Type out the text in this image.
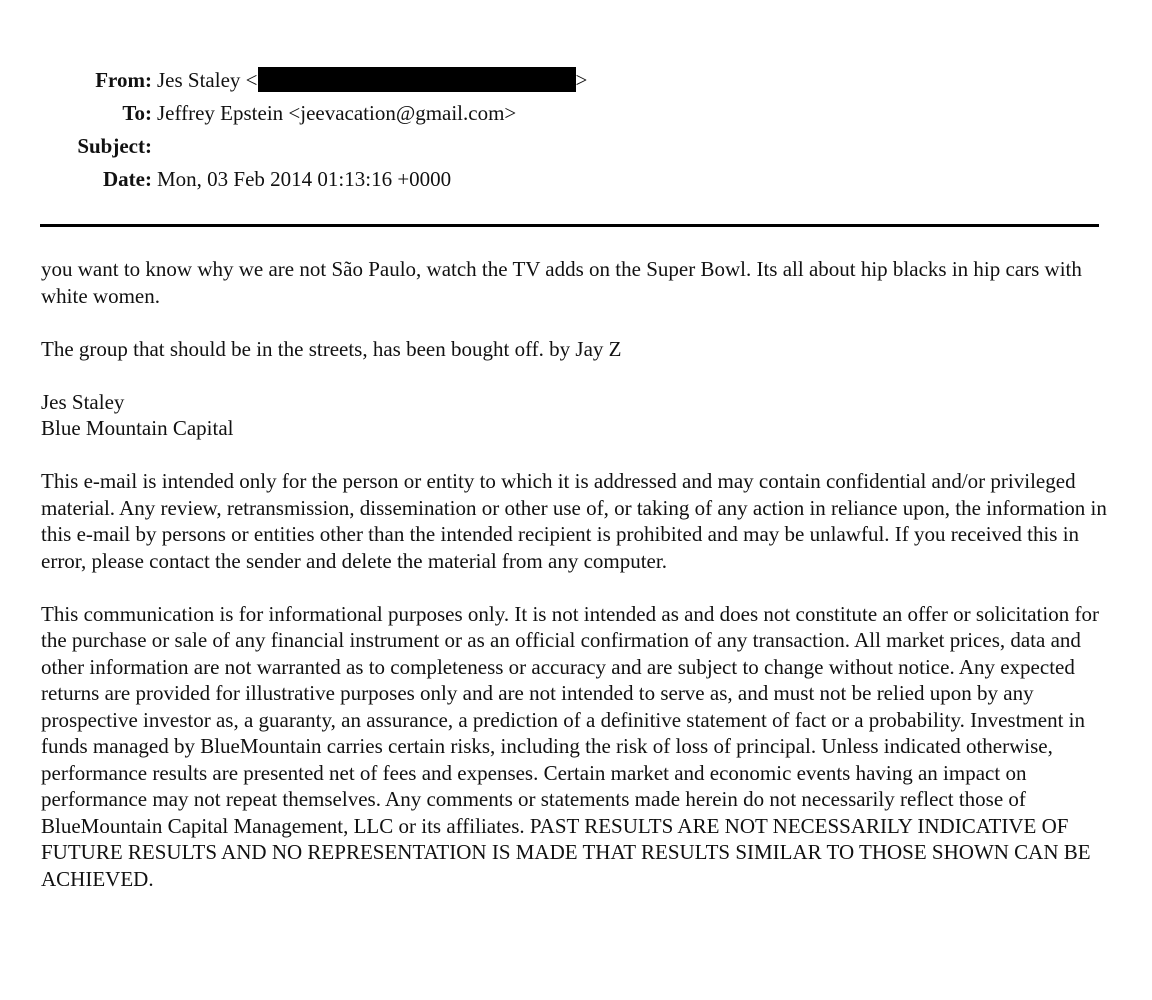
From: Jes Staley <	>
To: Jeffrey Epstein <jeevacation@gmail.com>
Subject:
Date: Mon, 03 Feb 2014 01:13:16 +0000

you want to know why we are not São Paulo, watch the TV adds on the Super Bowl. Its all about hip blacks in hip cars with white women.

The group that should be in the streets, has been bought off. by Jay Z

Jes Staley
Blue Mountain Capital

This e-mail is intended only for the person or entity to which it is addressed and may contain confidential and/or privileged material. Any review, retransmission, dissemination or other use of, or taking of any action in reliance upon, the information in this e-mail by persons or entities other than the intended recipient is prohibited and may be unlawful. If you received this in error, please contact the sender and delete the material from any computer.

This communication is for informational purposes only. It is not intended as and does not constitute an offer or solicitation for the purchase or sale of any financial instrument or as an official confirmation of any transaction. All market prices, data and other information are not warranted as to completeness or accuracy and are subject to change without notice. Any expected returns are provided for illustrative purposes only and are not intended to serve as, and must not be relied upon by any prospective investor as, a guaranty, an assurance, a prediction of a definitive statement of fact or a probability. Investment in funds managed by BlueMountain carries certain risks, including the risk of loss of principal. Unless indicated otherwise, performance results are presented net of fees and expenses. Certain market and economic events having an impact on performance may not repeat themselves. Any comments or statements made herein do not necessarily reflect those of BlueMountain Capital Management, LLC or its affiliates. PAST RESULTS ARE NOT NECESSARILY INDICATIVE OF FUTURE RESULTS AND NO REPRESENTATION IS MADE THAT RESULTS SIMILAR TO THOSE SHOWN CAN BE ACHIEVED.
